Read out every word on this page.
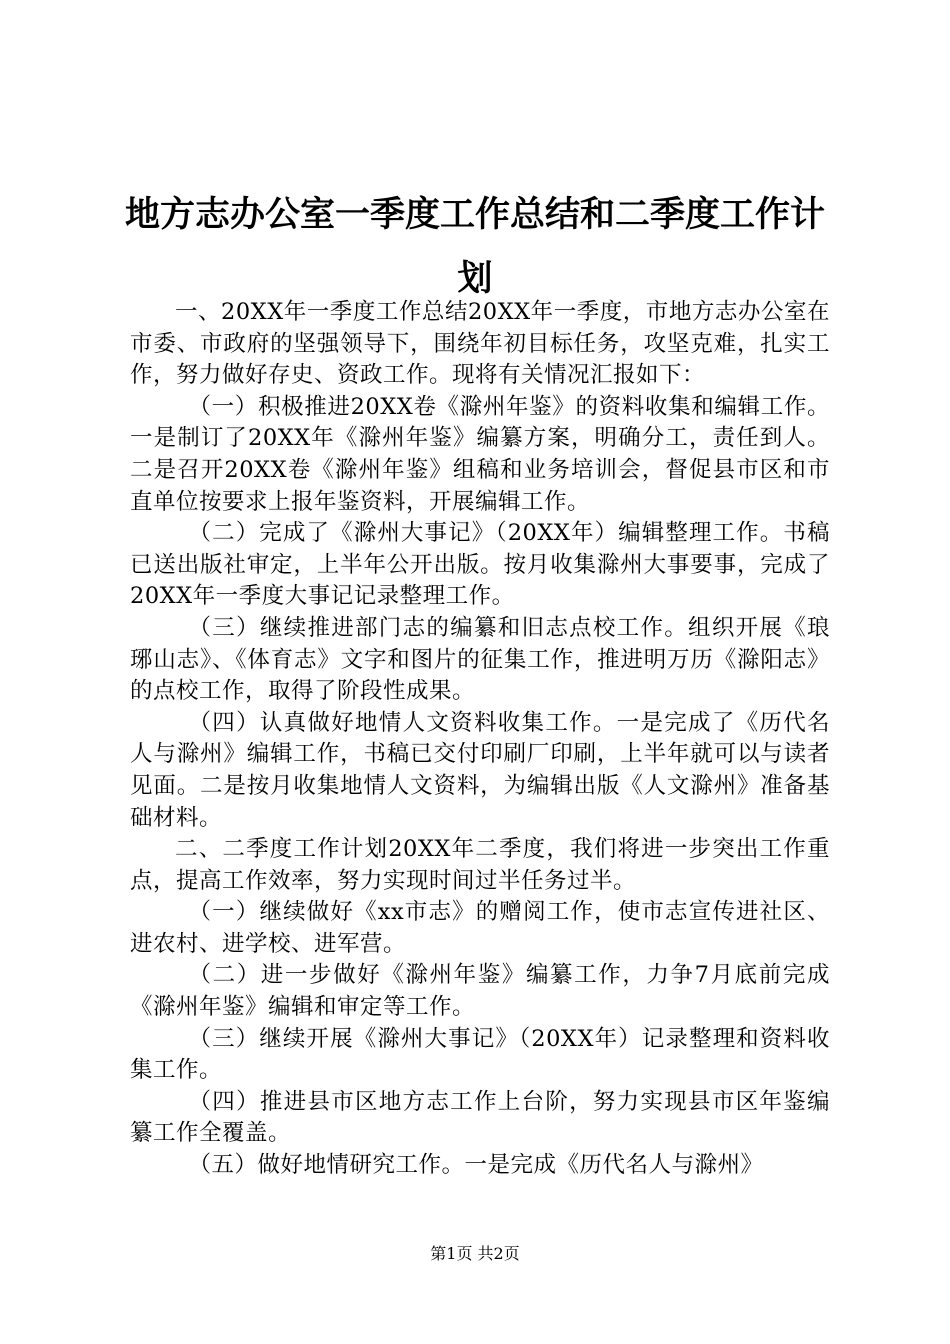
地方志办公室一季度工作总结和二季度工作计划

一、20XX年一季度工作总结20XX年一季度，市地方志办公室在市委、市政府的坚强领导下，围绕年初目标任务，攻坚克难，扎实工作，努力做好存史、资政工作。现将有关情况汇报如下：

（一）积极推进20XX卷《滁州年鉴》的资料收集和编辑工作。一是制订了20XX年《滁州年鉴》编纂方案，明确分工，责任到人。二是召开20XX卷《滁州年鉴》组稿和业务培训会，督促县市区和市直单位按要求上报年鉴资料，开展编辑工作。

（二）完成了《滁州大事记》（20XX年）编辑整理工作。书稿已送出版社审定，上半年公开出版。按月收集滁州大事要事，完成了20XX年一季度大事记记录整理工作。

（三）继续推进部门志的编纂和旧志点校工作。组织开展《琅琊山志》、《体育志》文字和图片的征集工作，推进明万历《滁阳志》的点校工作，取得了阶段性成果。

（四）认真做好地情人文资料收集工作。一是完成了《历代名人与滁州》编辑工作，书稿已交付印刷厂印刷，上半年就可以与读者见面。二是按月收集地情人文资料，为编辑出版《人文滁州》准备基础材料。

二、二季度工作计划20XX年二季度，我们将进一步突出工作重点，提高工作效率，努力实现时间过半任务过半。

（一）继续做好《xx市志》的赠阅工作，使市志宣传进社区、进农村、进学校、进军营。

（二）进一步做好《滁州年鉴》编纂工作，力争7月底前完成《滁州年鉴》编辑和审定等工作。

（三）继续开展《滁州大事记》（20XX年）记录整理和资料收集工作。

（四）推进县市区地方志工作上台阶，努力实现县市区年鉴编纂工作全覆盖。

（五）做好地情研究工作。一是完成《历代名人与滁州》

第1页 共2页
